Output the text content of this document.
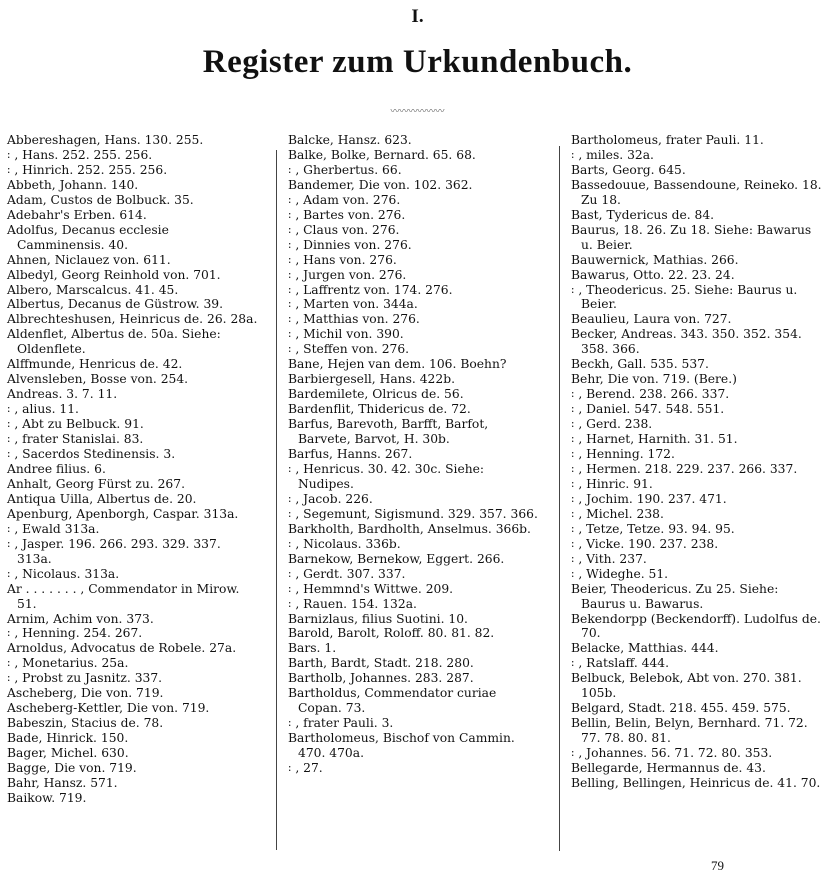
I.
Register zum Urkundenbuch.
〰〰〰〰〰〰
Abbereshagen, Hans. 130. 255.
꞉ , Hans. 252. 255. 256.
꞉ , Hinrich. 252. 255. 256.
Abbeth, Johann. 140.
Adam, Custos de Bolbuck. 35.
Adebahr's Erben. 614.
Adolfus, Decanus ecclesie Camminensis. 40.
Ahnen, Niclauez von. 611.
Albedyl, Georg Reinhold von. 701.
Albero, Marscalcus. 41. 45.
Albertus, Decanus de Güstrow. 39.
Albrechteshusen, Heinricus de. 26. 28a.
Aldenflet, Albertus de. 50a. Siehe: Oldenflete.
Alffmunde, Henricus de. 42.
Alvensleben, Bosse von. 254.
Andreas. 3. 7. 11.
꞉ , alius. 11.
꞉ , Abt zu Belbuck. 91.
꞉ , frater Stanislai. 83.
꞉ , Sacerdos Stedinensis. 3.
Andree filius. 6.
Anhalt, Georg Fürst zu. 267.
Antiqua Uilla, Albertus de. 20.
Apenburg, Apenborgh, Caspar. 313a.
꞉ , Ewald 313a.
꞉ , Jasper. 196. 266. 293. 329. 337. 313a.
꞉ , Nicolaus. 313a.
Ar . . . . . . . , Commendator in Mirow. 51.
Arnim, Achim von. 373.
꞉ , Henning. 254. 267.
Arnoldus, Advocatus de Robele. 27a.
꞉ , Monetarius. 25a.
꞉ , Probst zu Jasnitz. 337.
Ascheberg, Die von. 719.
Ascheberg-Kettler, Die von. 719.
Babeszin, Stacius de. 78.
Bade, Hinrick. 150.
Bager, Michel. 630.
Bagge, Die von. 719.
Bahr, Hansz. 571.
Baikow. 719.
Balcke, Hansz. 623.
Balke, Bolke, Bernard. 65. 68.
꞉ , Gherbertus. 66.
Bandemer, Die von. 102. 362.
꞉ , Adam von. 276.
꞉ , Bartes von. 276.
꞉ , Claus von. 276.
꞉ , Dinnies von. 276.
꞉ , Hans von. 276.
꞉ , Jurgen von. 276.
꞉ , Laffrentz von. 174. 276.
꞉ , Marten von. 344a.
꞉ , Matthias von. 276.
꞉ , Michil von. 390.
꞉ , Steffen von. 276.
Bane, Hejen van dem. 106. Boehn?
Barbiergesell, Hans. 422b.
Bardemilete, Olricus de. 56.
Bardenflit, Thidericus de. 72.
Barfus, Barevoth, Barfft, Barfot, Barvete, Barvot, H. 30b.
Barfus, Hanns. 267.
꞉ , Henricus. 30. 42. 30c. Siehe: Nudipes.
꞉ , Jacob. 226.
꞉ , Segemunt, Sigismund. 329. 357. 366.
Barkholth, Bardholth, Anselmus. 366b.
꞉ , Nicolaus. 336b.
Barnekow, Bernekow, Eggert. 266.
꞉ , Gerdt. 307. 337.
꞉ , Hemmnd's Wittwe. 209.
꞉ , Rauen. 154. 132a.
Barnizlaus, filius Suotini. 10.
Barold, Barolt, Roloff. 80. 81. 82.
Bars. 1.
Barth, Bardt, Stadt. 218. 280.
Bartholb, Johannes. 283. 287.
Bartholdus, Commendator curiae Copan. 73.
꞉ , frater Pauli. 3.
Bartholomeus, Bischof von Cammin. 470. 470a.
꞉ , 27.
Bartholomeus, frater Pauli. 11.
꞉ , miles. 32a.
Barts, Georg. 645.
Bassedouue, Bassendoune, Reineko. 18. Zu 18.
Bast, Tydericus de. 84.
Baurus, 18. 26. Zu 18. Siehe: Bawarus u. Beier.
Bauwernick, Mathias. 266.
Bawarus, Otto. 22. 23. 24.
꞉ , Theodericus. 25. Siehe: Baurus u. Beier.
Beaulieu, Laura von. 727.
Becker, Andreas. 343. 350. 352. 354. 358. 366.
Beckh, Gall. 535. 537.
Behr, Die von. 719. (Bere.)
꞉ , Berend. 238. 266. 337.
꞉ , Daniel. 547. 548. 551.
꞉ , Gerd. 238.
꞉ , Harnet, Harnith. 31. 51.
꞉ , Henning. 172.
꞉ , Hermen. 218. 229. 237. 266. 337.
꞉ , Hinric. 91.
꞉ , Jochim. 190. 237. 471.
꞉ , Michel. 238.
꞉ , Tetze, Tetze. 93. 94. 95.
꞉ , Vicke. 190. 237. 238.
꞉ , Vith. 237.
꞉ , Wideghe. 51.
Beier, Theodericus. Zu 25. Siehe: Baurus u. Bawarus.
Bekendorpp (Beckendorff). Ludolfus de. 70.
Belacke, Matthias. 444.
꞉ , Ratslaff. 444.
Belbuck, Belebok, Abt von. 270. 381. 105b.
Belgard, Stadt. 218. 455. 459. 575.
Bellin, Belin, Belyn, Bernhard. 71. 72. 77. 78. 80. 81.
꞉ , Johannes. 56. 71. 72. 80. 353.
Bellegarde, Hermannus de. 43.
Belling, Bellingen, Heinricus de. 41. 70.
79
